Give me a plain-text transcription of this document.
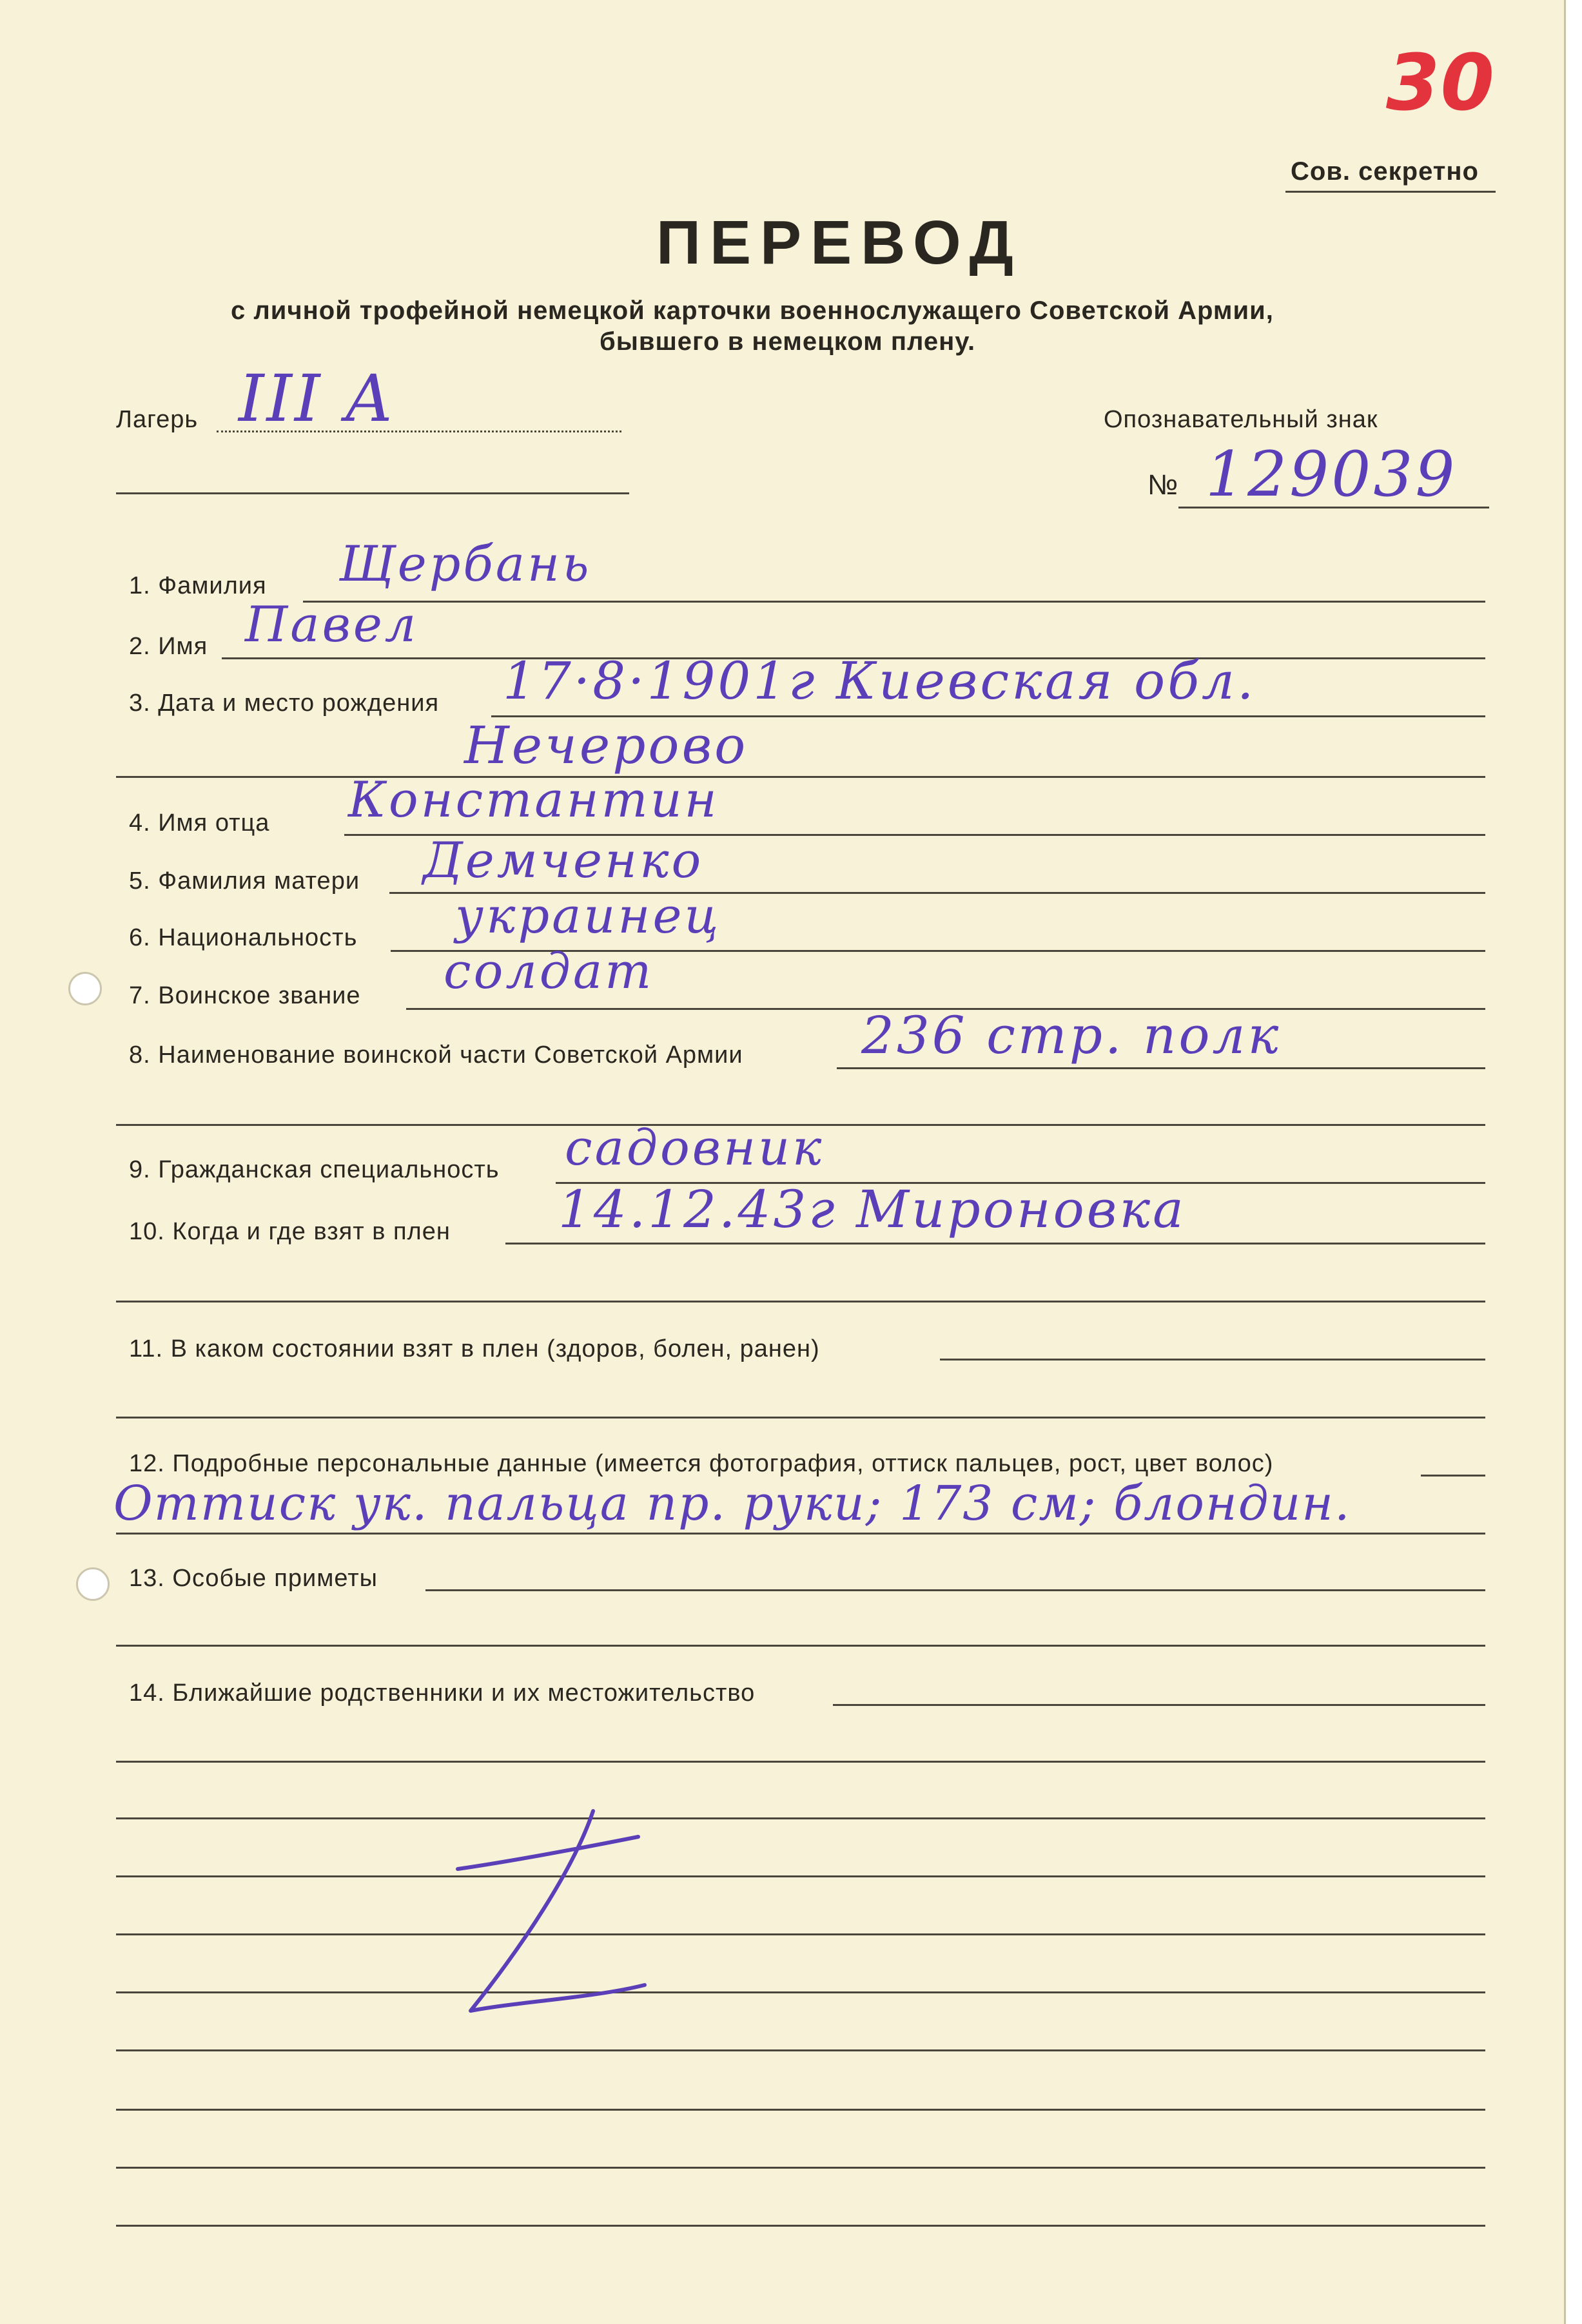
30
Сов. секретно
ПЕРЕВОД
с личной трофейной немецкой карточки военнослужащего Советской Армии,
бывшего в немецком плену.
Лагерь III A	Опознавательный знак
№ 129039
1. Фамилия Щербань
2. Имя Павел
3. Дата и место рождения 17·8·1901г Киевская обл.
Нечерово
4. Имя отца Константин
5. Фамилия матери Демченко
6. Национальность украинец
7. Воинское звание солдат
8. Наименование воинской части Советской Армии 236 стр. полк
9. Гражданская специальность садовник
10. Когда и где взят в плен 14.12.43г Мироновка
11. В каком состоянии взят в плен (здоров, болен, ранен)
12. Подробные персональные данные (имеется фотография, оттиск пальцев, рост, цвет волос)
Оттиск ук. пальца пр. руки; 173 см; блондин.
13. Особые приметы
14. Ближайшие родственники и их местожительство
